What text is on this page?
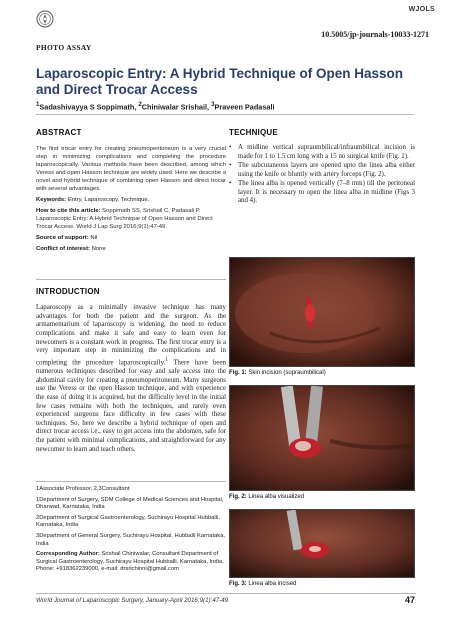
WJOLS
10.5005/jp-journals-10033-1271
PHOTO ASSAY
Laparoscopic Entry: A Hybrid Technique of Open Hasson and Direct Trocar Access
$^1$Sadashivayya S Soppimath, $^2$Chiniwalar Srishail, $^3$Praveen Padasali
ABSTRACT
The first trocar entry for creating pneumoperitoneum is a very crucial step in minimizing complications and completing the procedure laparoscopically. Various methods have been described, among which Veress and open Hasson technique are widely used. Here we describe a novel and hybrid technique of combining open Hasson and direct trocar with several advantages.
Keywords: Entry, Laparoscopy, Technique.
How to cite this article: Soppimath SS, Srishail C, Padasali P. Laparoscopic Entry: A Hybrid Technique of Open Hasson and Direct Trocar Access. World J Lap Surg 2016;9(1):47-49.
Source of support: Nil
Conflict of interest: None
INTRODUCTION
Laparoscopy as a minimally invasive technique has many advantages for both the patient and the surgeon. As the armamentarium of laparoscopy is widening, the need to reduce complications and make it safe and easy to learn even for newcomers is a constant work in progress. The first trocar entry is a very important step in minimizing the complications and in completing the procedure laparoscopically.$^1$ There have been numerous techniques described for easy and safe access into the abdominal cavity for creating a pneumoperitoneum. Many surgeons use the Veress or the open Hasson technique, and with experience the ease of doing it is acquired, but the difficulty level in the initial few cases remains with both the techniques, and rarely even experienced surgeons face difficulty in few cases with these techniques. So, here we describe a hybrid technique of open and direct trocar access i.e., easy to get access into the abdomen, safe for the patient with minimal complications, and straightforward for any newcomer to learn and teach others.
TECHNIQUE
• A midline vertical supraumbilical/infraumbilical incision is made for 1 to 1.5 cm long with a 15 no surgical knife (Fig. 1).
• The subcutaneous layers are opened upto the linea alba either using the knife or bluntly with artery forceps (Fig. 2).
• The linea alba is opened vertically (7–8 mm) till the peritoneal layer. It is necessary to open the linea alba in midline (Figs 3 and 4).
Fig. 1: Skin incision (supraumbilical)
Fig. 2: Linea alba visualized
Fig. 3: Linea alba incised
1Associate Professor, 2,3Consultant
1Department of Surgery, SDM College of Medical Sciences and Hospital, Dharwad, Karnataka, India
2Department of Surgical Gastroenterology, Suchirayu Hospital Hubballi, Karnataka, India
3Department of General Surgery, Suchirayu Hospital, Hubballi Karnataka, India
Corresponding Author: Srishail Chiniwalar, Consultant Department of Surgical Gastroenterology, Suchirayu Hospital Hubballi, Karnataka, India, Phone: +918362239000, e-mail: drsrichinni@gmail.com
World Journal of Laparoscopic Surgery, January-April 2016;9(1):47-49	47
